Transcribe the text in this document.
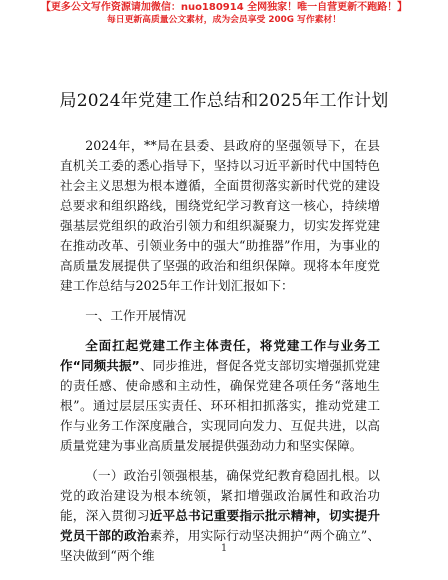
【更多公文写作资源请加微信：nuo180914 全网独家！唯一自营更新不跑路！】
每日更新高质量公文素材，成为会员享受 200G 写作素材！
局2024年党建工作总结和2025年工作计划

2024年，**局在县委、县政府的坚强领导下，在县直机关工委的悉心指导下，坚持以习近平新时代中国特色社会主义思想为根本遵循，全面贯彻落实新时代党的建设总要求和组织路线，围绕党纪学习教育这一核心，持续增强基层党组织的政治引领力和组织凝聚力，切实发挥党建在推动改革、引领业务中的强大“助推器”作用，为事业的高质量发展提供了坚强的政治和组织保障。现将本年度党建工作总结与2025年工作计划汇报如下：

一、工作开展情况

全面扛起党建工作主体责任，将党建工作与业务工作“同频共振”、同步推进，督促各党支部切实增强抓党建的责任感、使命感和主动性，确保党建各项任务“落地生根”。通过层层压实责任、环环相扣抓落实，推动党建工作与业务工作深度融合，实现同向发力、互促共进，以高质量党建为事业高质量发展提供强劲动力和坚实保障。

（一）政治引领强根基，确保党纪教育稳固扎根。以党的政治建设为根本统领，紧扣增强政治属性和政治功能，深入贯彻习近平总书记重要指示批示精神，切实提升党员干部的政治素养，用实际行动坚决拥护“两个确立”、坚决做到“两个维	1
